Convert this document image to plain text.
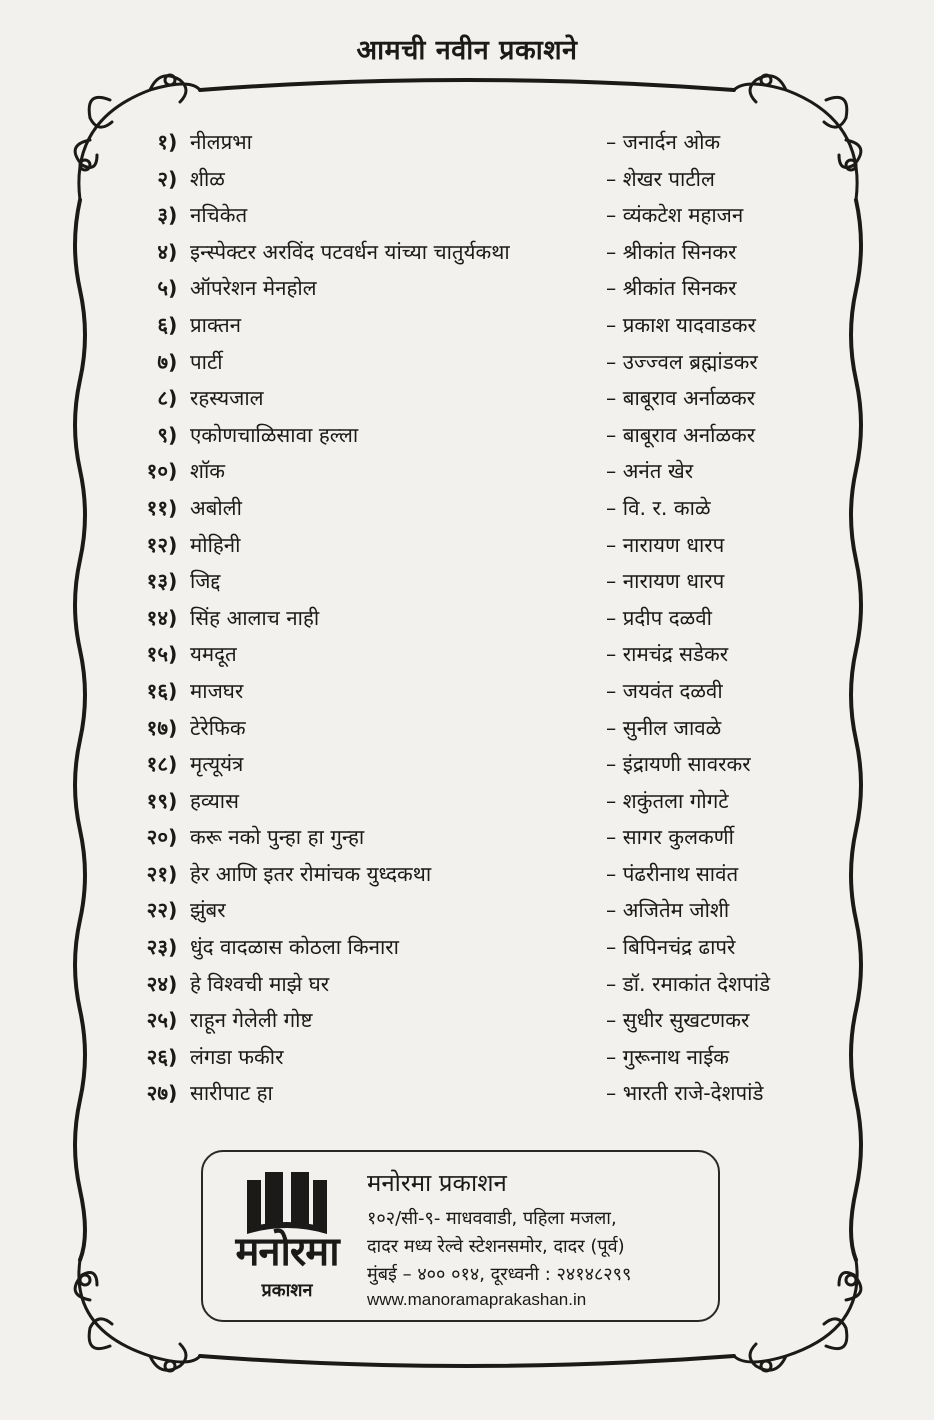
आमची नवीन प्रकाशने
१ ) नीलप्रभा	– जनार्दन ओक
२ ) शीळ	– शेखर पाटील
३ ) नचिकेत	– व्यंकटेश महाजन
४ ) इन्स्पेक्टर अरविंद पटवर्धन यांच्या चातुर्यकथा	– श्रीकांत सिनकर
५ ) ऑपरेशन मेनहोल	– श्रीकांत सिनकर
६ ) प्राक्तन	– प्रकाश यादवाडकर
७ ) पार्टी	– उज्ज्वल ब्रह्मांडकर
८ ) रहस्यजाल	– बाबूराव अर्नाळकर
९ ) एकोणचाळिसावा हल्ला	– बाबूराव अर्नाळकर
१० ) शॉक	– अनंत खेर
११ ) अबोली	– वि. र. काळे
१२ ) मोहिनी	– नारायण धारप
१३ ) जिद्द	– नारायण धारप
१४ ) सिंह आलाच नाही	– प्रदीप दळवी
१५ ) यमदूत	– रामचंद्र सडेकर
१६ ) माजघर	– जयवंत दळवी
१७ ) टेरेफिक	– सुनील जावळे
१८ ) मृत्यूयंत्र	– इंद्रायणी सावरकर
१९ ) हव्यास	– शकुंतला गोगटे
२० ) करू नको पुन्हा हा गुन्हा	– सागर कुलकर्णी
२१ ) हेर आणि इतर रोमांचक युध्दकथा	– पंढरीनाथ सावंत
२२ ) झुंबर	– अजितेम जोशी
२३ ) धुंद वादळास कोठला किनारा	– बिपिनचंद्र ढापरे
२४ ) हे विश्वची माझे घर	– डॉ. रमाकांत देशपांडे
२५ ) राहून गेलेली गोष्ट	– सुधीर सुखटणकर
२६ ) लंगडा फकीर	– गुरूनाथ नाईक
२७ ) सारीपाट हा	– भारती राजे-देशपांडे
मनोरमा
प्रकाशन
मनोरमा प्रकाशन
१०२/सी-९- माधववाडी, पहिला मजला,
दादर मध्य रेल्वे स्टेशनसमोर, दादर (पूर्व)
मुंबई – ४०० ०१४, दूरध्वनी : २४१४८२९९
www.manoramaprakashan.in
